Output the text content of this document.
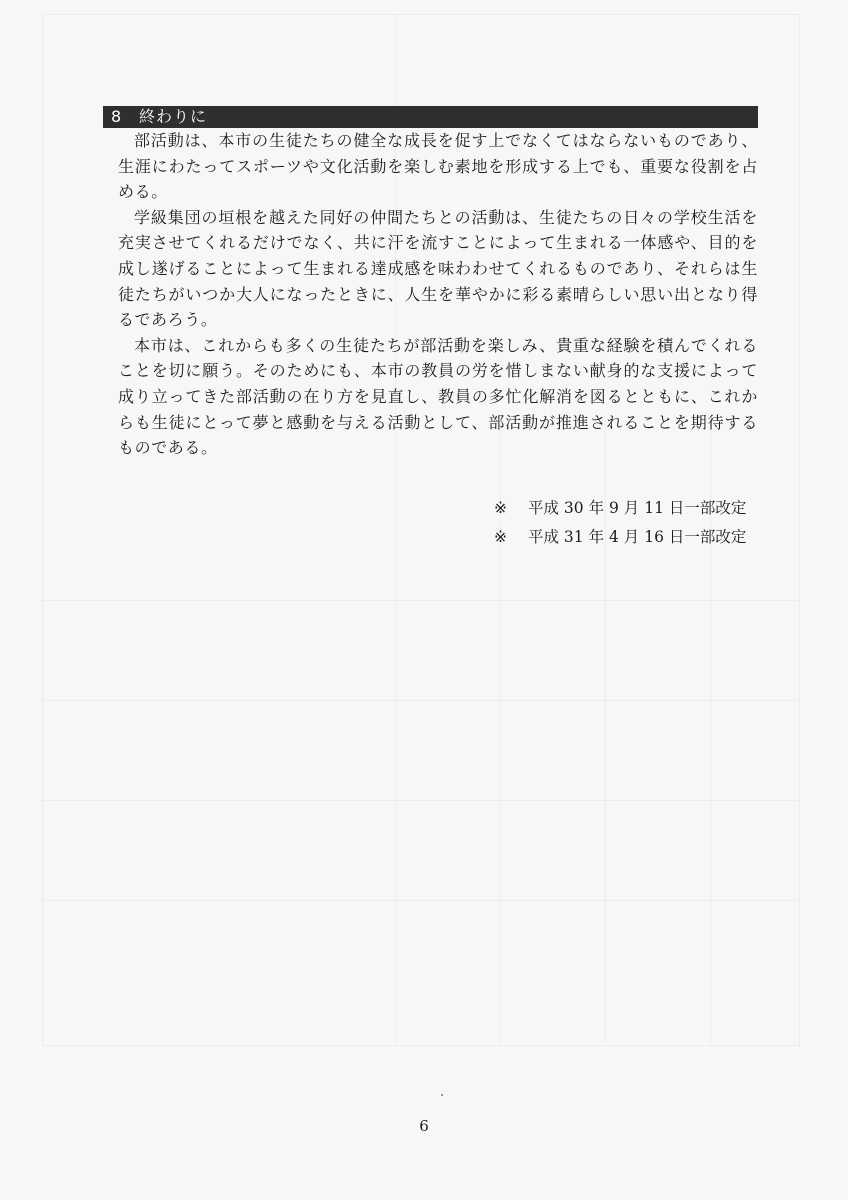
8 終わりに

部活動は、本市の生徒たちの健全な成長を促す上でなくてはならないものであり、生涯にわたってスポーツや文化活動を楽しむ素地を形成する上でも、重要な役割を占める。

学級集団の垣根を越えた同好の仲間たちとの活動は、生徒たちの日々の学校生活を充実させてくれるだけでなく、共に汗を流すことによって生まれる一体感や、目的を成し遂げることによって生まれる達成感を味わわせてくれるものであり、それらは生徒たちがいつか大人になったときに、人生を華やかに彩る素晴らしい思い出となり得るであろう。

本市は、これからも多くの生徒たちが部活動を楽しみ、貴重な経験を積んでくれることを切に願う。そのためにも、本市の教員の労を惜しまない献身的な支援によって成り立ってきた部活動の在り方を見直し、教員の多忙化解消を図るとともに、これからも生徒にとって夢と感動を与える活動として、部活動が推進されることを期待するものである。

※ 平成 30 年 9 月 11 日一部改定
※ 平成 31 年 4 月 16 日一部改定
6
